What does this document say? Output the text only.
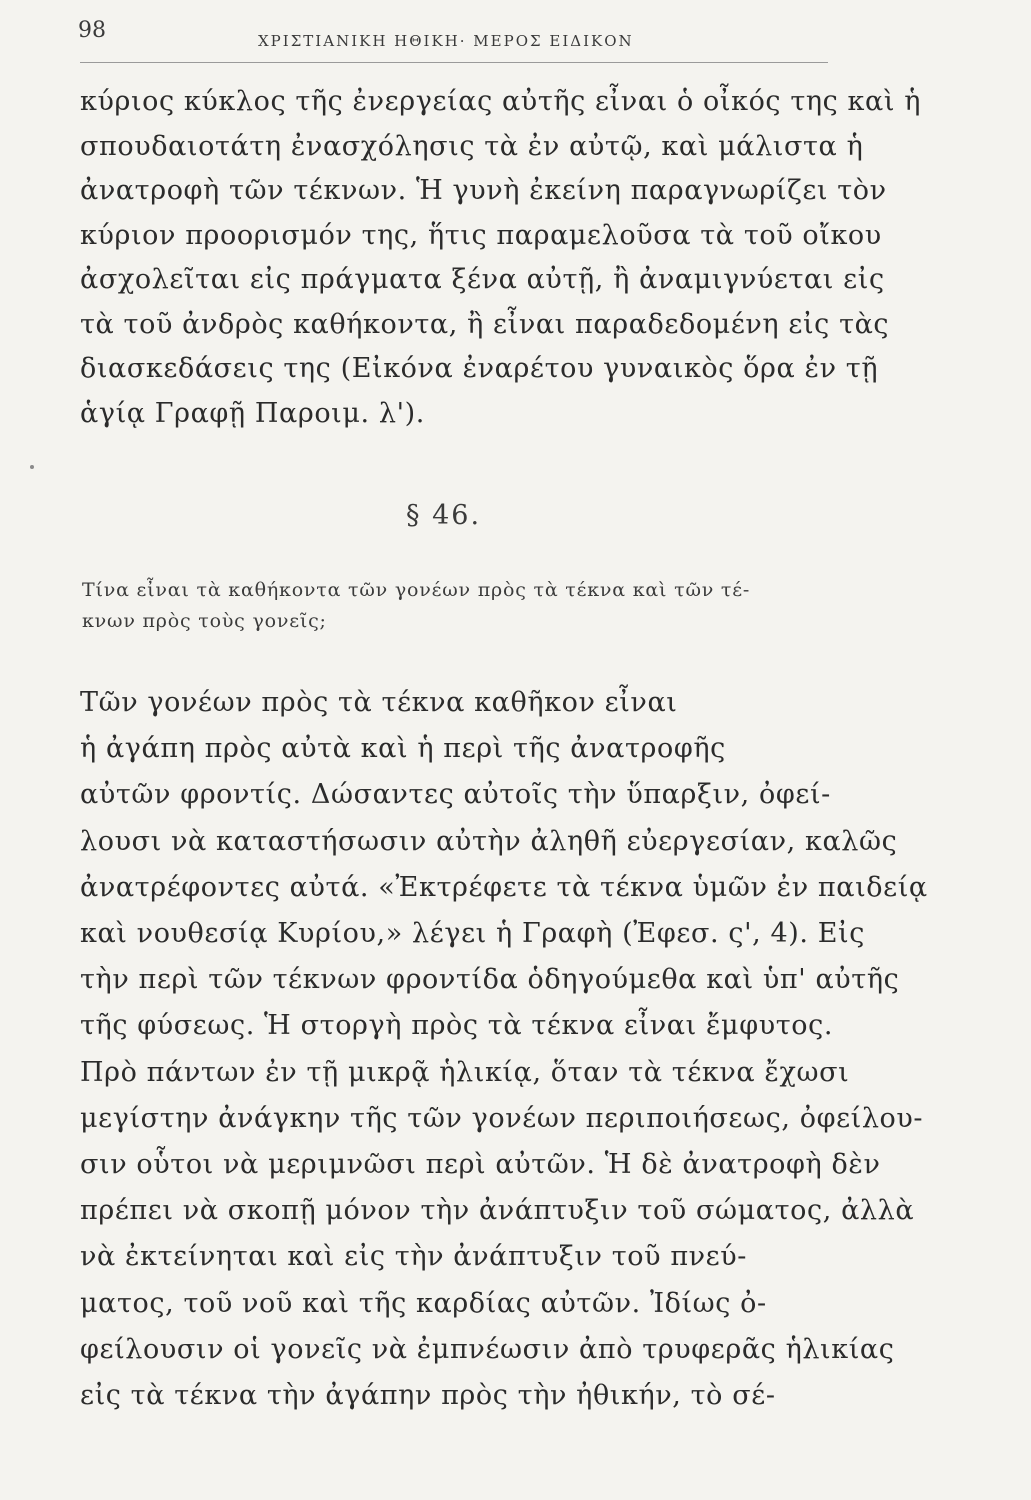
98	ΧΡΙΣΤΙΑΝΙΚΗ ΗΘΙΚΗ· ΜΕΡΟΣ ΕΙΔΙΚΟΝ

κύριος κύκλος τῆς ἐνεργείας αὐτῆς εἶναι ὁ οἶκός της καὶ ἡ
σπουδαιοτάτη ἐνασχόλησις τὰ ἐν αὐτῷ, καὶ μάλιστα ἡ
ἀνατροφὴ τῶν τέκνων. Ἡ γυνὴ ἐκείνη παραγνωρίζει τὸν
κύριον προορισμόν της, ἥτις παραμελοῦσα τὰ τοῦ οἴκου
ἀσχολεῖται εἰς πράγματα ξένα αὐτῇ, ἢ ἀναμιγνύεται εἰς
τὰ τοῦ ἀνδρὸς καθήκοντα, ἢ εἶναι παραδεδομένη εἰς τὰς
διασκεδάσεις της (Εἰκόνα ἐναρέτου γυναικὸς ὅρα ἐν τῇ
ἁγίᾳ Γραφῇ Παροιμ. λ').

§ 46.

Τίνα εἶναι τὰ καθήκοντα τῶν γονέων πρὸς τὰ τέκνα καὶ τῶν τέ-
κνων πρὸς τοὺς γονεῖς;

Τῶν γονέων πρὸς τὰ τέκνα καθῆκον εἶναι
ἡ ἀγάπη πρὸς αὐτὰ καὶ ἡ περὶ τῆς ἀνατροφῆς
αὐτῶν φροντίς. Δώσαντες αὐτοῖς τὴν ὕπαρξιν, ὀφεί-
λουσι νὰ καταστήσωσιν αὐτὴν ἀληθῆ εὐεργεσίαν, καλῶς
ἀνατρέφοντες αὐτά. «Ἐκτρέφετε τὰ τέκνα ὑμῶν ἐν παιδείᾳ
καὶ νουθεσίᾳ Κυρίου,» λέγει ἡ Γραφὴ (Ἐφεσ. ς', 4). Εἰς
τὴν περὶ τῶν τέκνων φροντίδα ὁδηγούμεθα καὶ ὑπ' αὐτῆς
τῆς φύσεως. Ἡ στοργὴ πρὸς τὰ τέκνα εἶναι ἔμφυτος.
Πρὸ πάντων ἐν τῇ μικρᾷ ἡλικίᾳ, ὅταν τὰ τέκνα ἔχωσι
μεγίστην ἀνάγκην τῆς τῶν γονέων περιποιήσεως, ὀφείλου-
σιν οὗτοι νὰ μεριμνῶσι περὶ αὐτῶν. Ἡ δὲ ἀνατροφὴ δὲν
πρέπει νὰ σκοπῇ μόνον τὴν ἀνάπτυξιν τοῦ σώματος, ἀλλὰ
νὰ ἐκτείνηται καὶ εἰς τὴν ἀνάπτυξιν τοῦ πνεύ-
ματος, τοῦ νοῦ καὶ τῆς καρδίας αὐτῶν. Ἰδίως ὀ-
φείλουσιν οἱ γονεῖς νὰ ἐμπνέωσιν ἀπὸ τρυφερᾶς ἡλικίας
εἰς τὰ τέκνα τὴν ἀγάπην πρὸς τὴν ἠθικήν, τὸ σέ-
